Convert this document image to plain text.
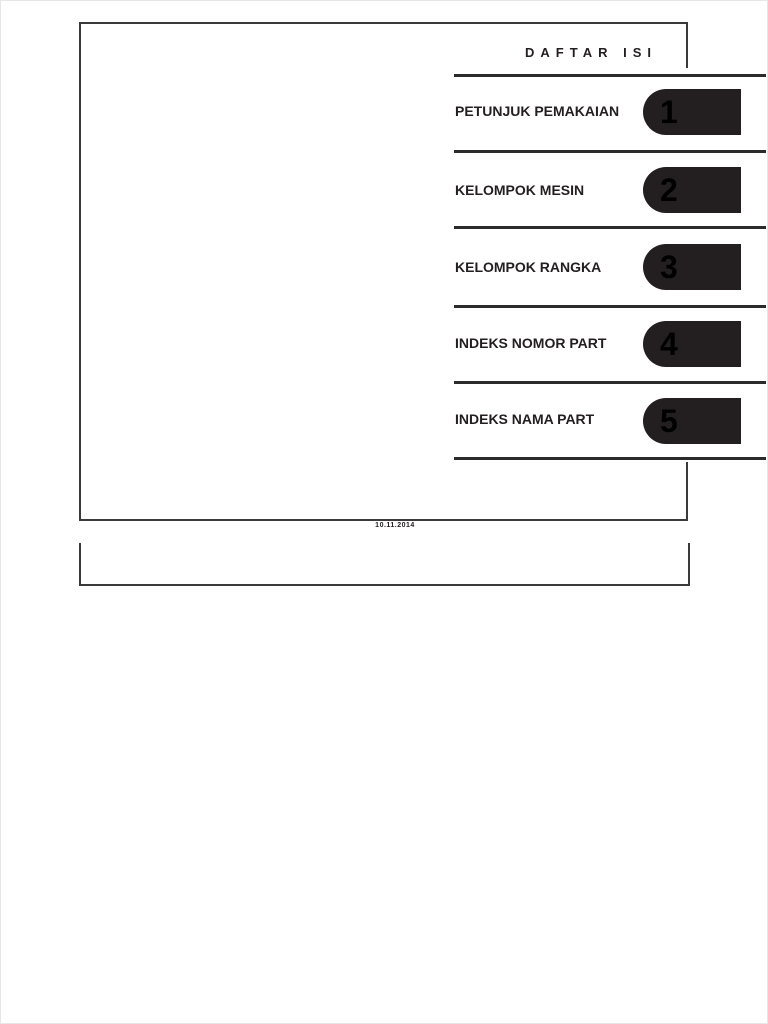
DAFTAR ISI
PETUNJUK PEMAKAIAN 1
KELOMPOK MESIN 2
KELOMPOK RANGKA 3
INDEKS NOMOR PART 4
INDEKS NAMA PART 5
10.11.2014
